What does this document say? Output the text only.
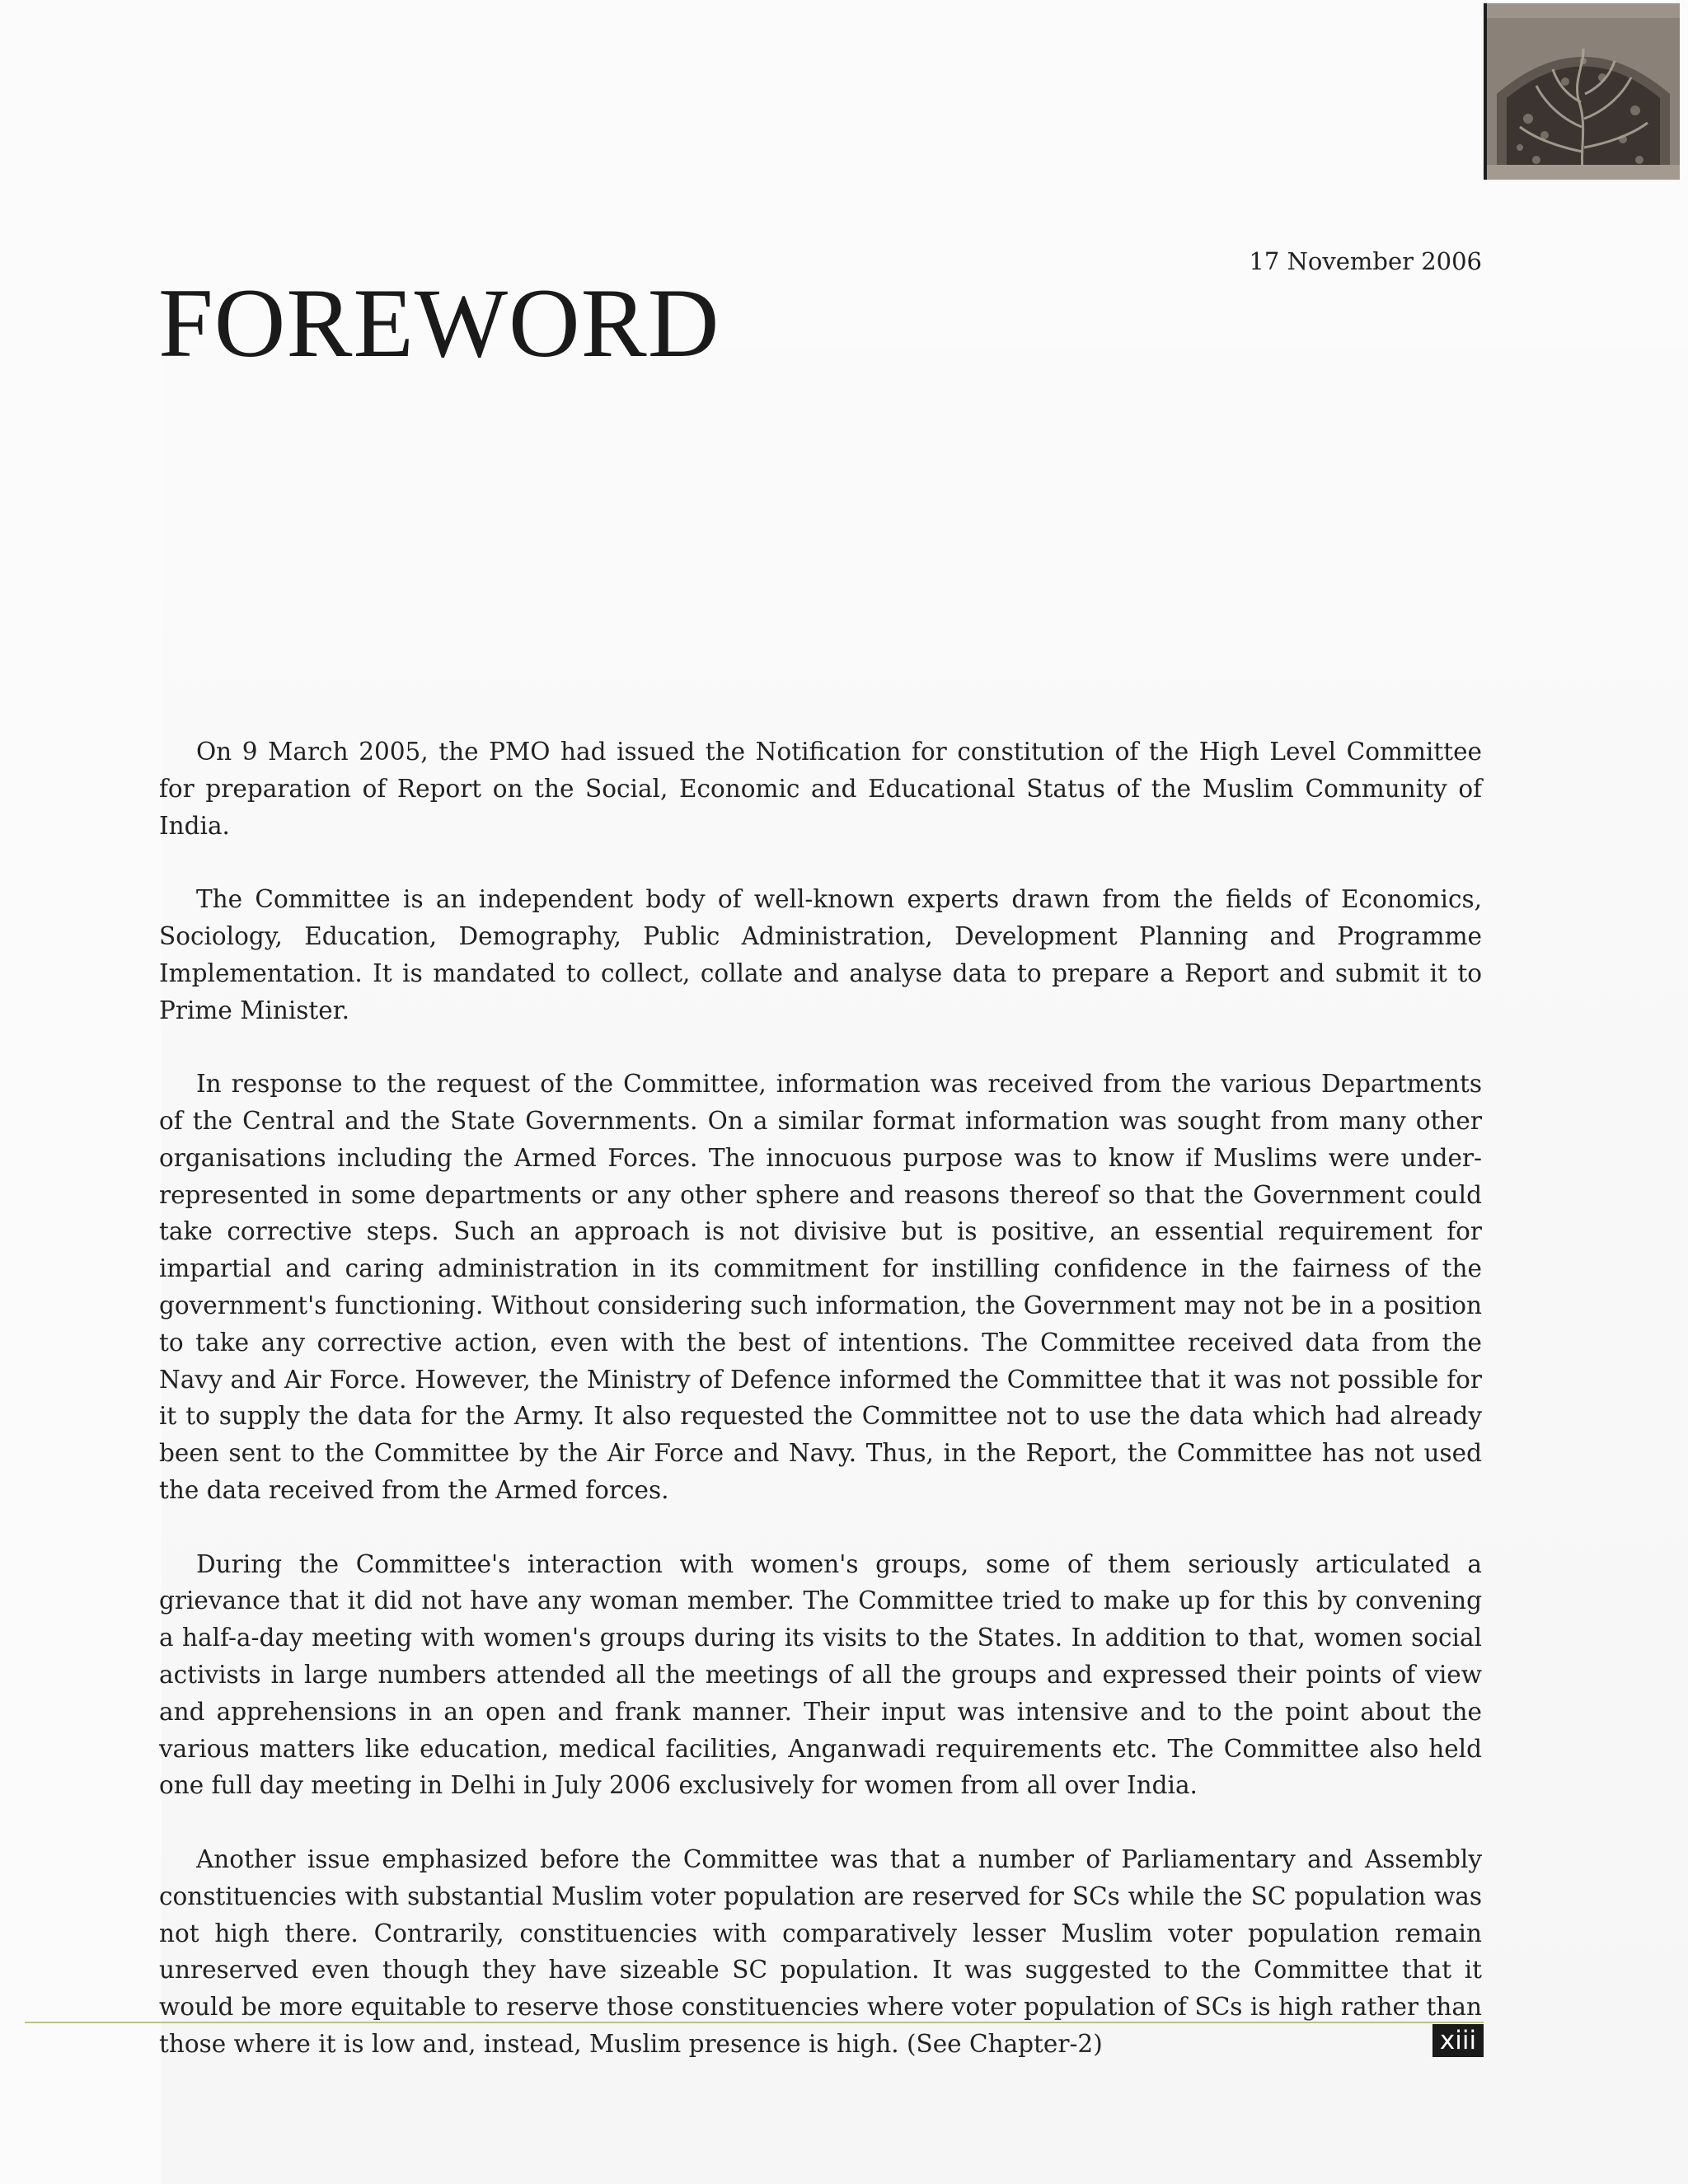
17 November 2006
FOREWORD

On 9 March 2005, the PMO had issued the Notification for constitution of the High Level Committee for preparation of Report on the Social, Economic and Educational Status of the Muslim Community of India.

The Committee is an independent body of well-known experts drawn from the fields of Economics, Sociology, Education, Demography, Public Administration, Development Planning and Programme Implementation. It is mandated to collect, collate and analyse data to prepare a Report and submit it to Prime Minister.

In response to the request of the Committee, information was received from the various Departments of the Central and the State Governments. On a similar format information was sought from many other organisations including the Armed Forces. The innocuous purpose was to know if Muslims were under-represented in some departments or any other sphere and reasons thereof so that the Government could take corrective steps. Such an approach is not divisive but is positive, an essential requirement for impartial and caring administration in its commitment for instilling confidence in the fairness of the government's functioning. Without considering such information, the Government may not be in a position to take any corrective action, even with the best of intentions. The Committee received data from the Navy and Air Force. However, the Ministry of Defence informed the Committee that it was not possible for it to supply the data for the Army. It also requested the Committee not to use the data which had already been sent to the Committee by the Air Force and Navy. Thus, in the Report, the Committee has not used the data received from the Armed forces.

During the Committee's interaction with women's groups, some of them seriously articulated a grievance that it did not have any woman member. The Committee tried to make up for this by convening a half-a-day meeting with women's groups during its visits to the States. In addition to that, women social activists in large numbers attended all the meetings of all the groups and expressed their points of view and apprehensions in an open and frank manner. Their input was intensive and to the point about the various matters like education, medical facilities, Anganwadi requirements etc. The Committee also held one full day meeting in Delhi in July 2006 exclusively for women from all over India.

Another issue emphasized before the Committee was that a number of Parliamentary and Assembly constituencies with substantial Muslim voter population are reserved for SCs while the SC population was not high there. Contrarily, constituencies with comparatively lesser Muslim voter population remain unreserved even though they have sizeable SC population. It was suggested to the Committee that it would be more equitable to reserve those constituencies where voter population of SCs is high rather than those where it is low and, instead, Muslim presence is high. (See Chapter-2)	xiii
